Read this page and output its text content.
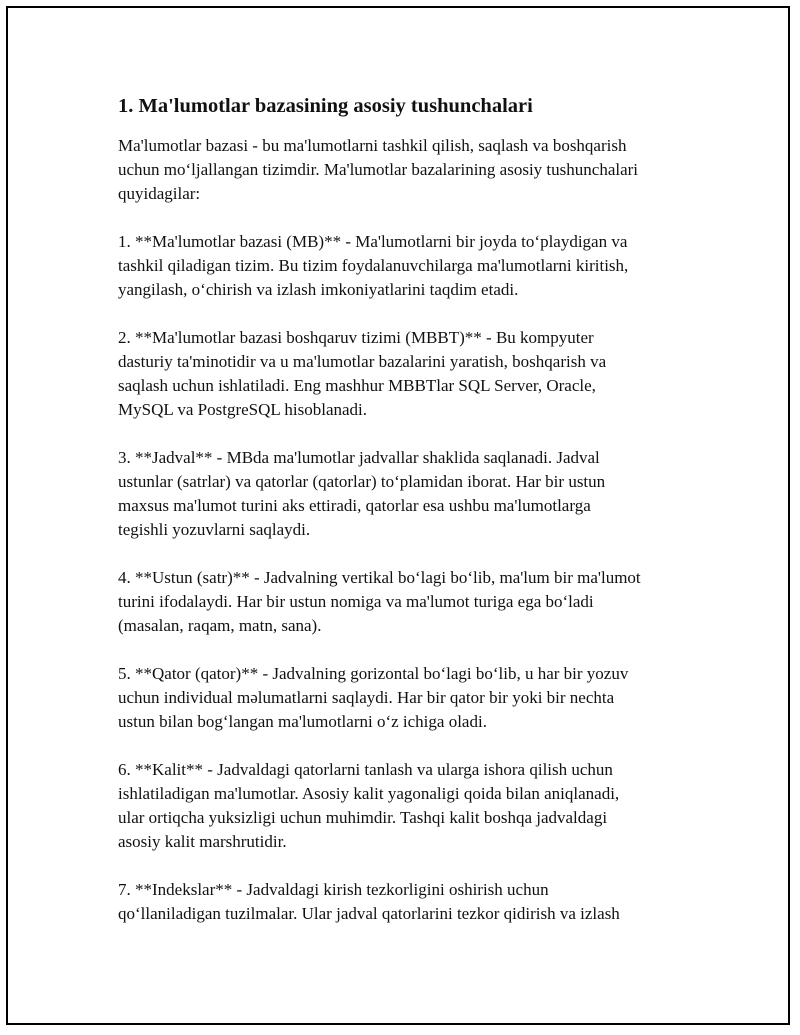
1. Ma'lumotlar bazasining asosiy tushunchalari
Ma'lumotlar bazasi - bu ma'lumotlarni tashkil qilish, saqlash va boshqarish
uchun moʻljallangan tizimdir. Ma'lumotlar bazalarining asosiy tushunchalari
quyidagilar:
1. **Ma'lumotlar bazasi (MB)** - Ma'lumotlarni bir joyda toʻplaydigan va
tashkil qiladigan tizim. Bu tizim foydalanuvchilarga ma'lumotlarni kiritish,
yangilash, oʻchirish va izlash imkoniyatlarini taqdim etadi.
2. **Ma'lumotlar bazasi boshqaruv tizimi (MBBT)** - Bu kompyuter
dasturiy ta'minotidir va u ma'lumotlar bazalarini yaratish, boshqarish va
saqlash uchun ishlatiladi. Eng mashhur MBBTlar SQL Server, Oracle,
MySQL va PostgreSQL hisoblanadi.
3. **Jadval** - MBda ma'lumotlar jadvallar shaklida saqlanadi. Jadval
ustunlar (satrlar) va qatorlar (qatorlar) toʻplamidan iborat. Har bir ustun
maxsus ma'lumot turini aks ettiradi, qatorlar esa ushbu ma'lumotlarga
tegishli yozuvlarni saqlaydi.
4. **Ustun (satr)** - Jadvalning vertikal boʻlagi boʻlib, ma'lum bir ma'lumot
turini ifodalaydi. Har bir ustun nomiga va ma'lumot turiga ega boʻladi
(masalan, raqam, matn, sana).
5. **Qator (qator)** - Jadvalning gorizontal boʻlagi boʻlib, u har bir yozuv
uchun individual məlumatlarni saqlaydi. Har bir qator bir yoki bir nechta
ustun bilan bogʻlangan ma'lumotlarni oʻz ichiga oladi.
6. **Kalit** - Jadvaldagi qatorlarni tanlash va ularga ishora qilish uchun
ishlatiladigan ma'lumotlar. Asosiy kalit yagonaligi qoida bilan aniqlanadi,
ular ortiqcha yuksizligi uchun muhimdir. Tashqi kalit boshqa jadvaldagi
asosiy kalit marshrutidir.
7. **Indekslar** - Jadvaldagi kirish tezkorligini oshirish uchun
qoʻllaniladigan tuzilmalar. Ular jadval qatorlarini tezkor qidirish va izlash
